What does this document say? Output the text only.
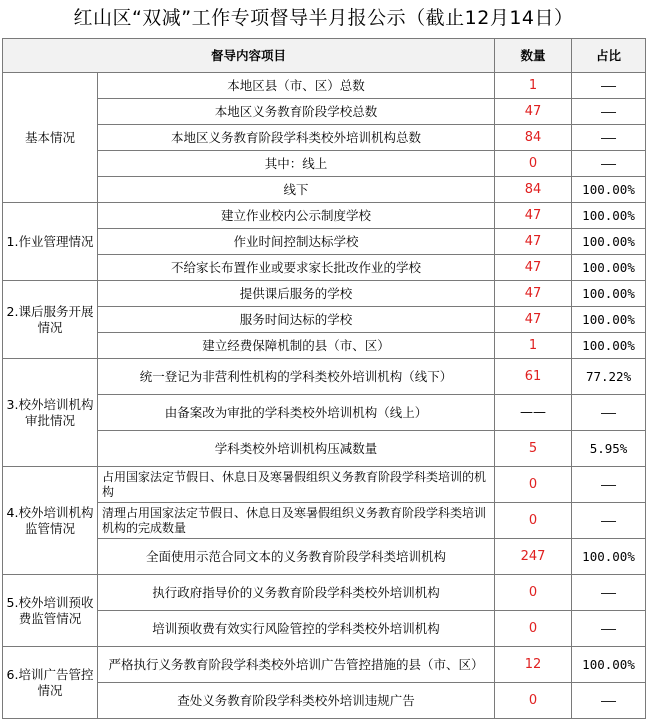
红山区“双减”工作专项督导半月报公示（截止12月14日）
督导内容项目		数量	占比
基本情况	本地区县（市、区）总数	1	——
	本地区义务教育阶段学校总数	47	——
	本地区义务教育阶段学科类校外培训机构总数	84	——
	其中：线上	0	——
	线下	84	100.00%
1.作业管理情况	建立作业校内公示制度学校	47	100.00%
	作业时间控制达标学校	47	100.00%
	不给家长布置作业或要求家长批改作业的学校	47	100.00%
2.课后服务开展情况	提供课后服务的学校	47	100.00%
	服务时间达标的学校	47	100.00%
	建立经费保障机制的县（市、区）	1	100.00%
3.校外培训机构审批情况	统一登记为非营利性机构的学科类校外培训机构（线下）	61	77.22%
	由备案改为审批的学科类校外培训机构（线上）	——	——
	学科类校外培训机构压减数量	5	5.95%
4.校外培训机构监管情况	占用国家法定节假日、休息日及寒暑假组织义务教育阶段学科类培训的机构	0	——
	清理占用国家法定节假日、休息日及寒暑假组织义务教育阶段学科类培训机构的完成数量	0	——
	全面使用示范合同文本的义务教育阶段学科类培训机构	247	100.00%
5.校外培训预收费监管情况	执行政府指导价的义务教育阶段学科类校外培训机构	0	——
	培训预收费有效实行风险管控的学科类校外培训机构	0	——
6.培训广告管控情况	严格执行义务教育阶段学科类校外培训广告管控措施的县（市、区）	12	100.00%
	查处义务教育阶段学科类校外培训违规广告	0	——
